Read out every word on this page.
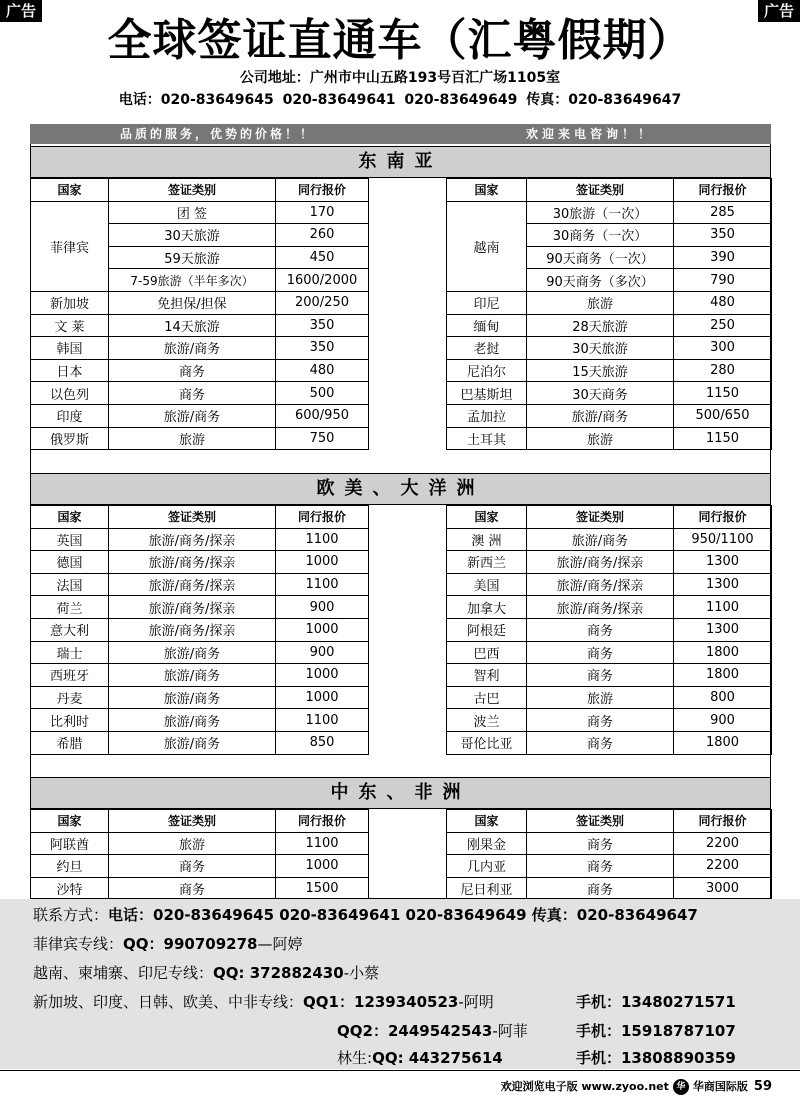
广告	广告
全球签证直通车（汇粤假期）
公司地址：广州市中山五路193号百汇广场1105室
电话：020-83649645 020-83649641 020-83649649 传真：020-83649647
品质的服务，优势的价格！！	欢迎来电咨询！！
东南亚
国家	签证类别	同行报价
菲律宾	团 签	170
	30天旅游	260
	59天旅游	450
	7-59旅游（半年多次）	1600/2000
新加坡	免担保/担保	200/250
文 莱	14天旅游	350
韩国	旅游/商务	350
日本	商务	480
以色列	商务	500
印度	旅游/商务	600/950
俄罗斯	旅游	750
国家	签证类别	同行报价
越南	30旅游（一次）	285
	30商务（一次）	350
	90天商务（一次）	390
	90天商务（多次）	790
印尼	旅游	480
缅甸	28天旅游	250
老挝	30天旅游	300
尼泊尔	15天旅游	280
巴基斯坦	30天商务	1150
孟加拉	旅游/商务	500/650
土耳其	旅游	1150
欧美、大洋洲
国家	签证类别	同行报价
英国	旅游/商务/探亲	1100
德国	旅游/商务/探亲	1000
法国	旅游/商务/探亲	1100
荷兰	旅游/商务/探亲	900
意大利	旅游/商务/探亲	1000
瑞士	旅游/商务	900
西班牙	旅游/商务	1000
丹麦	旅游/商务	1000
比利时	旅游/商务	1100
希腊	旅游/商务	850
国家	签证类别	同行报价
澳 洲	旅游/商务	950/1100
新西兰	旅游/商务/探亲	1300
美国	旅游/商务/探亲	1300
加拿大	旅游/商务/探亲	1100
阿根廷	商务	1300
巴西	商务	1800
智利	商务	1800
古巴	旅游	800
波兰	商务	900
哥伦比亚	商务	1800
中东、非洲
国家	签证类别	同行报价
阿联酋	旅游	1100
约旦	商务	1000
沙特	商务	1500
国家	签证类别	同行报价
刚果金	商务	2200
几内亚	商务	2200
尼日利亚	商务	3000
联系方式：电话：020-83649645 020-83649641 020-83649649 传真：020-83649647
菲律宾专线：QQ：990709278—阿婷
越南、柬埔寨、印尼专线：QQ: 372882430-小蔡
新加坡、印度、日韩、欧美、中非专线：QQ1：1239340523-阿明	手机：13480271571
QQ2：2449542543-阿菲	手机：15918787107
林生:QQ: 443275614	手机：13808890359
欢迎浏览电子版 www.zyoo.net 华 华商国际版 59
